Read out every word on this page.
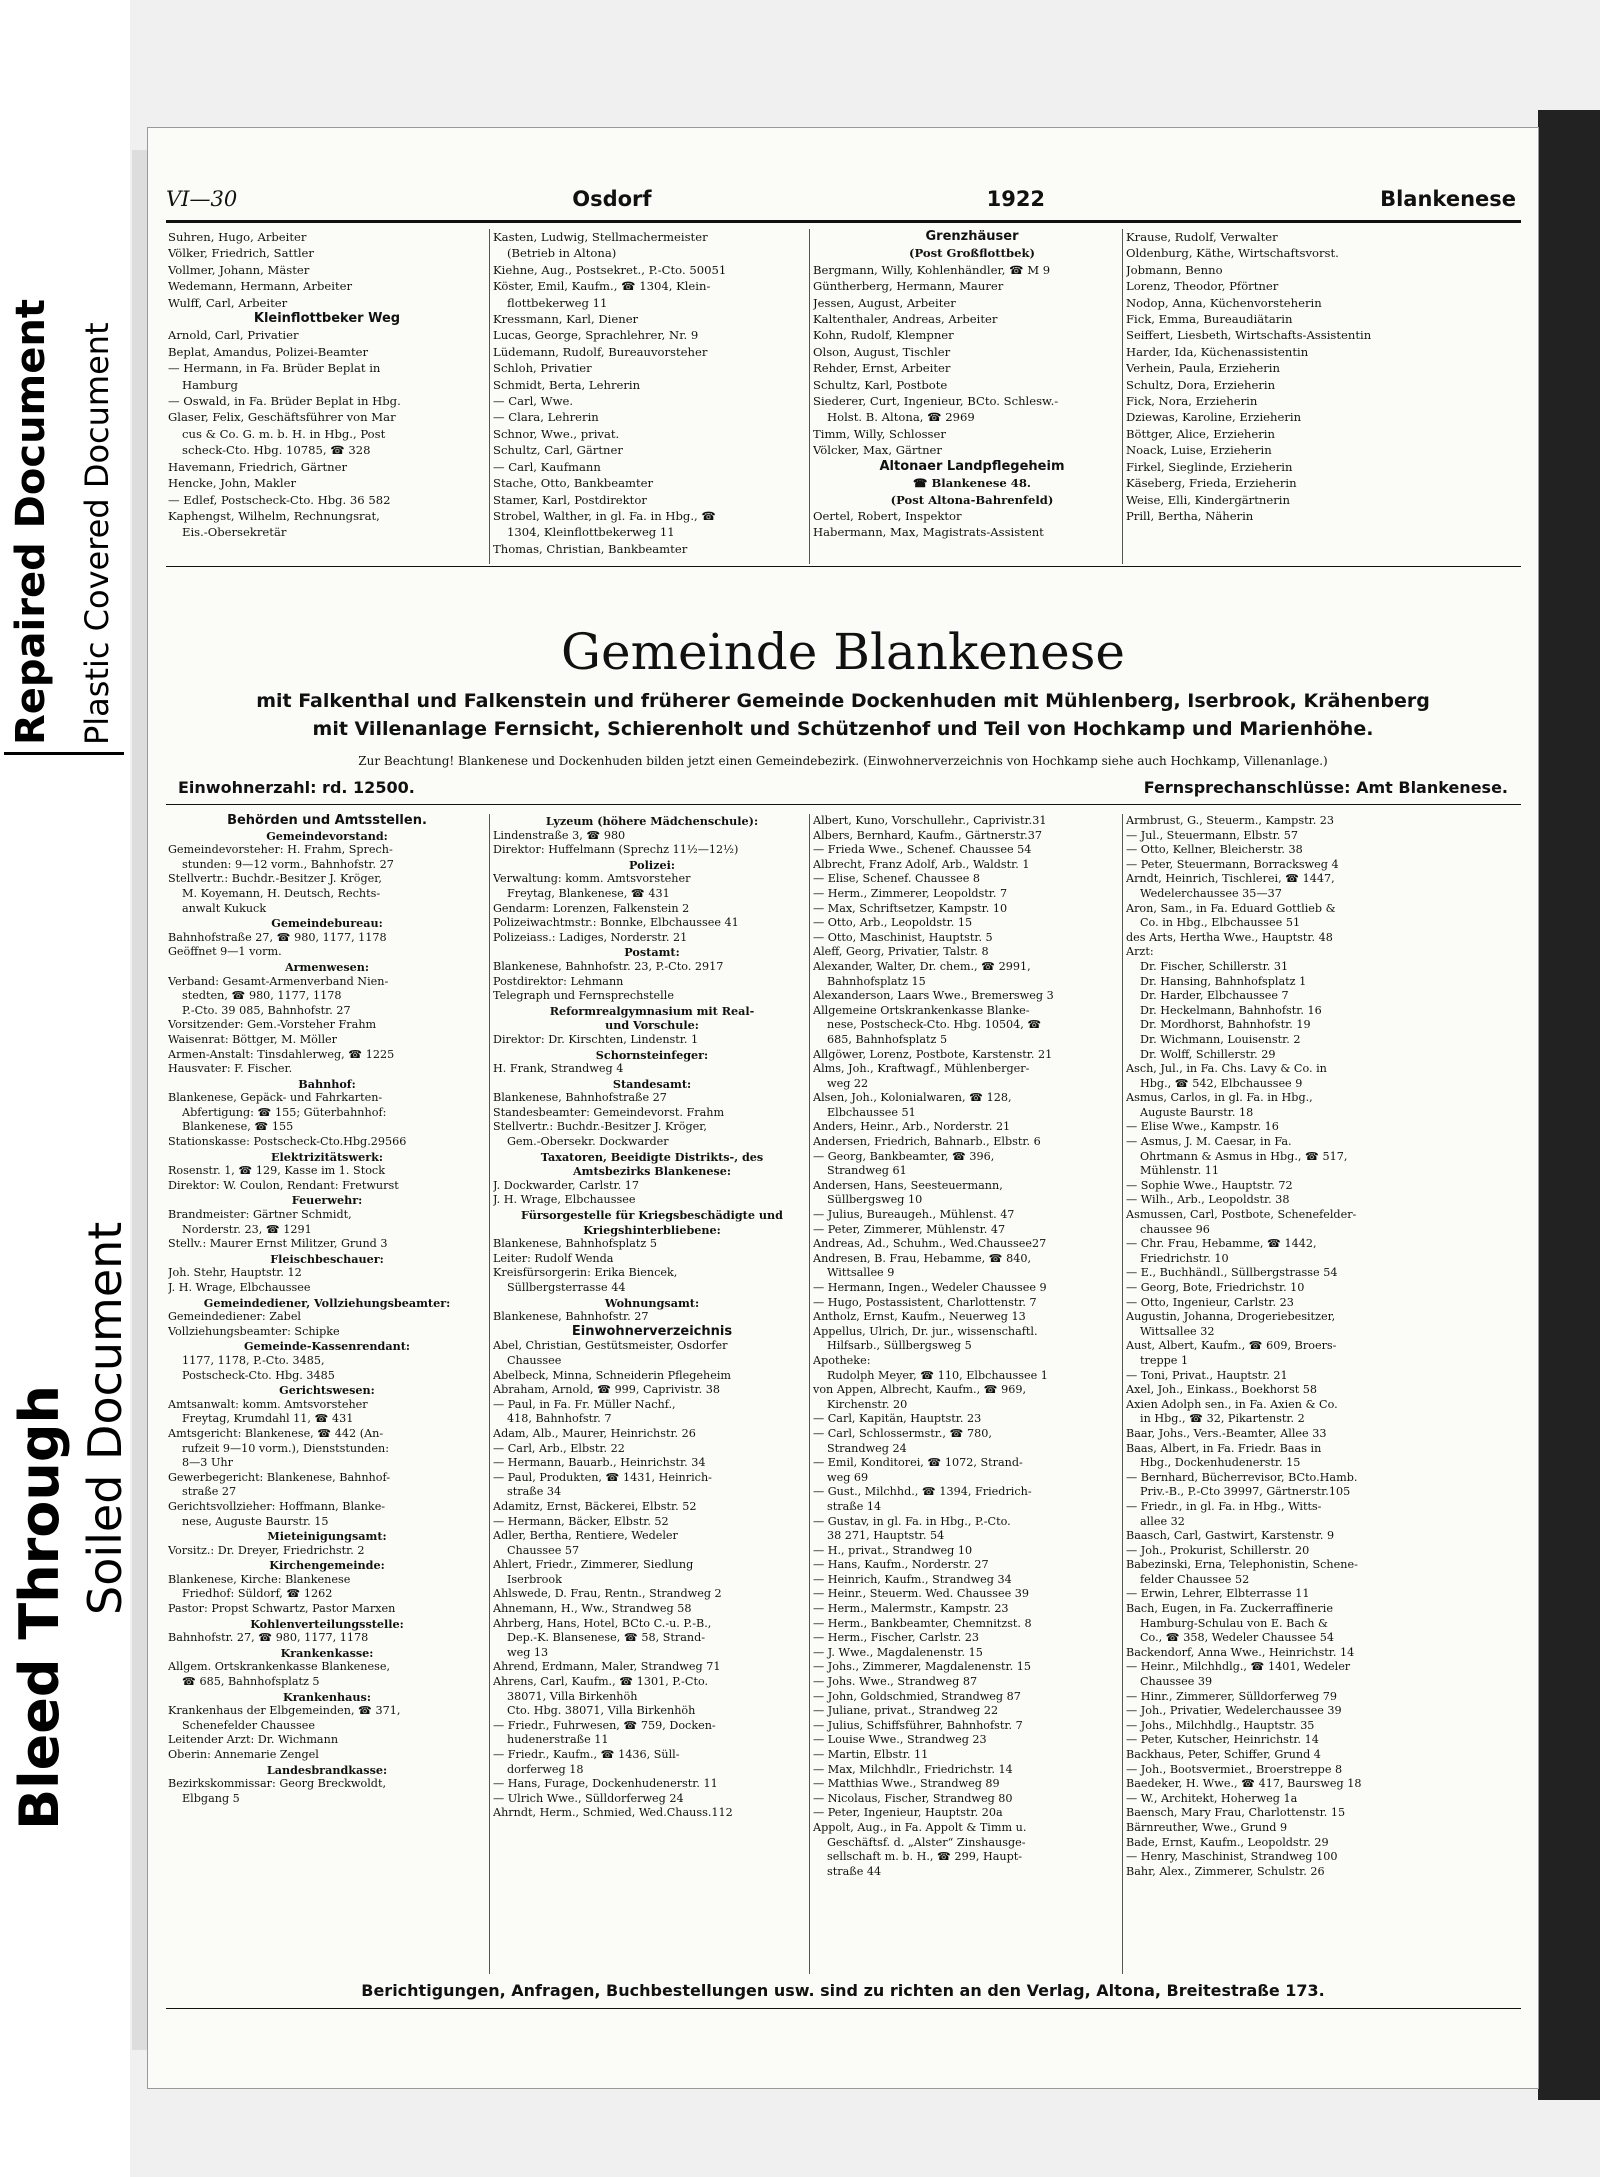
Repaired Document Plastic Covered Document
Bleed Through Soiled Document
VI—30	Osdorf	1922	Blankenese
Suhren, Hugo, Arbeiter
Völker, Friedrich, Sattler
Vollmer, Johann, Mäster
Wedemann, Hermann, Arbeiter
Wulff, Carl, Arbeiter
Kleinflottbeker Weg
Arnold, Carl, Privatier
Beplat, Amandus, Polizei-Beamter
— Hermann, in Fa. Brüder Beplat in
Hamburg
— Oswald, in Fa. Brüder Beplat in Hbg.
Glaser, Felix, Geschäftsführer von Mar
cus & Co. G. m. b. H. in Hbg., Post
scheck-Cto. Hbg. 10785, ☎ 328
Havemann, Friedrich, Gärtner
Hencke, John, Makler
— Edlef, Postscheck-Cto. Hbg. 36 582
Kaphengst, Wilhelm, Rechnungsrat,
Eis.-Obersekretär
Kasten, Ludwig, Stellmachermeister
(Betrieb in Altona)
Kiehne, Aug., Postsekret., P.-Cto. 50051
Köster, Emil, Kaufm., ☎ 1304, Klein-
flottbekerweg 11
Kressmann, Karl, Diener
Lucas, George, Sprachlehrer, Nr. 9
Lüdemann, Rudolf, Bureauvorsteher
Schloh, Privatier
Schmidt, Berta, Lehrerin
— Carl, Wwe.
— Clara, Lehrerin
Schnor, Wwe., privat.
Schultz, Carl, Gärtner
— Carl, Kaufmann
Stache, Otto, Bankbeamter
Stamer, Karl, Postdirektor
Strobel, Walther, in gl. Fa. in Hbg., ☎
1304, Kleinflottbekerweg 11
Thomas, Christian, Bankbeamter
Grenzhäuser
(Post Großflottbek)
Bergmann, Willy, Kohlenhändler, ☎ M 9
Güntherberg, Hermann, Maurer
Jessen, August, Arbeiter
Kaltenthaler, Andreas, Arbeiter
Kohn, Rudolf, Klempner
Olson, August, Tischler
Rehder, Ernst, Arbeiter
Schultz, Karl, Postbote
Siederer, Curt, Ingenieur, BCto. Schlesw.-
Holst. B. Altona, ☎ 2969
Timm, Willy, Schlosser
Völcker, Max, Gärtner
Altonaer Landpflegeheim
☎ Blankenese 48.
(Post Altona-Bahrenfeld)
Oertel, Robert, Inspektor
Habermann, Max, Magistrats-Assistent
Krause, Rudolf, Verwalter
Oldenburg, Käthe, Wirtschaftsvorst.
Jobmann, Benno
Lorenz, Theodor, Pförtner
Nodop, Anna, Küchenvorsteherin
Fick, Emma, Bureaudiätarin
Seiffert, Liesbeth, Wirtschafts-Assistentin
Harder, Ida, Küchenassistentin
Verhein, Paula, Erzieherin
Schultz, Dora, Erzieherin
Fick, Nora, Erzieherin
Dziewas, Karoline, Erzieherin
Böttger, Alice, Erzieherin
Noack, Luise, Erzieherin
Firkel, Sieglinde, Erzieherin
Käseberg, Frieda, Erzieherin
Weise, Elli, Kindergärtnerin
Prill, Bertha, Näherin
Gemeinde Blankenese
mit Falkenthal und Falkenstein und früherer Gemeinde Dockenhuden mit Mühlenberg, Iserbrook, Krähenberg
mit Villenanlage Fernsicht, Schierenholt und Schützenhof und Teil von Hochkamp und Marienhöhe.
Zur Beachtung! Blankenese und Dockenhuden bilden jetzt einen Gemeindebezirk. (Einwohnerverzeichnis von Hochkamp siehe auch Hochkamp, Villenanlage.)
Einwohnerzahl: rd. 12500.	Fernsprechanschlüsse: Amt Blankenese.
Behörden und Amtsstellen.
Gemeindevorstand:
Gemeindevorsteher: H. Frahm, Sprech-
stunden: 9—12 vorm., Bahnhofstr. 27
Stellvertr.: Buchdr.-Besitzer J. Kröger,
M. Koyemann, H. Deutsch, Rechts-
anwalt Kukuck
Gemeindebureau:
Bahnhofstraße 27, ☎ 980, 1177, 1178
Geöffnet 9—1 vorm.
Armenwesen:
Verband: Gesamt-Armenverband Nien-
stedten, ☎ 980, 1177, 1178
P.-Cto. 39 085, Bahnhofstr. 27
Vorsitzender: Gem.-Vorsteher Frahm
Waisenrat: Böttger, M. Möller
Armen-Anstalt: Tinsdahlerweg, ☎ 1225
Hausvater: F. Fischer.
Bahnhof:
Blankenese, Gepäck- und Fahrkarten-
Abfertigung: ☎ 155; Güterbahnhof:
Blankenese, ☎ 155
Stationskasse: Postscheck-Cto.Hbg.29566
Elektrizitätswerk:
Rosenstr. 1, ☎ 129, Kasse im 1. Stock
Direktor: W. Coulon, Rendant: Fretwurst
Feuerwehr:
Brandmeister: Gärtner Schmidt,
Norderstr. 23, ☎ 1291
Stellv.: Maurer Ernst Militzer, Grund 3
Fleischbeschauer:
Joh. Stehr, Hauptstr. 12
J. H. Wrage, Elbchaussee
Gemeindediener, Vollziehungsbeamter:
Gemeindediener: Zabel
Vollziehungsbeamter: Schipke
Gemeinde-Kassenrendant:
1177, 1178, P.-Cto. 3485,
Postscheck-Cto. Hbg. 3485
Gerichtswesen:
Amtsanwalt: komm. Amtsvorsteher
Freytag, Krumdahl 11, ☎ 431
Amtsgericht: Blankenese, ☎ 442 (An-
rufzeit 9—10 vorm.), Dienststunden:
8—3 Uhr
Gewerbegericht: Blankenese, Bahnhof-
straße 27
Gerichtsvollzieher: Hoffmann, Blanke-
nese, Auguste Baurstr. 15
Mieteinigungsamt:
Vorsitz.: Dr. Dreyer, Friedrichstr. 2
Kirchengemeinde:
Blankenese, Kirche: Blankenese
Friedhof: Süldorf, ☎ 1262
Pastor: Propst Schwartz, Pastor Marxen
Kohlenverteilungsstelle:
Bahnhofstr. 27, ☎ 980, 1177, 1178
Krankenkasse:
Allgem. Ortskrankenkasse Blankenese,
☎ 685, Bahnhofsplatz 5
Krankenhaus:
Krankenhaus der Elbgemeinden, ☎ 371,
Schenefelder Chaussee
Leitender Arzt: Dr. Wichmann
Oberin: Annemarie Zengel
Landesbrandkasse:
Bezirkskommissar: Georg Breckwoldt,
Elbgang 5
Lyzeum (höhere Mädchenschule):
Lindenstraße 3, ☎ 980
Direktor: Huffelmann (Sprechz 11½—12½)
Polizei:
Verwaltung: komm. Amtsvorsteher
Freytag, Blankenese, ☎ 431
Gendarm: Lorenzen, Falkenstein 2
Polizeiwachtmstr.: Bonnke, Elbchaussee 41
Polizeiass.: Ladiges, Norderstr. 21
Postamt:
Blankenese, Bahnhofstr. 23, P.-Cto. 2917
Postdirektor: Lehmann
Telegraph und Fernsprechstelle
Reformrealgymnasium mit Real-
und Vorschule:
Direktor: Dr. Kirschten, Lindenstr. 1
Schornsteinfeger:
H. Frank, Strandweg 4
Standesamt:
Blankenese, Bahnhofstraße 27
Standesbeamter: Gemeindevorst. Frahm
Stellvertr.: Buchdr.-Besitzer J. Kröger,
Gem.-Obersekr. Dockwarder
Taxatoren, Beeidigte Distrikts-, des
Amtsbezirks Blankenese:
J. Dockwarder, Carlstr. 17
J. H. Wrage, Elbchaussee
Fürsorgestelle für Kriegsbeschädigte und
Kriegshinterbliebene:
Blankenese, Bahnhofsplatz 5
Leiter: Rudolf Wenda
Kreisfürsorgerin: Erika Biencek,
Süllbergsterrasse 44
Wohnungsamt:
Blankenese, Bahnhofstr. 27
Einwohnerverzeichnis
Abel, Christian, Gestütsmeister, Osdorfer
Chaussee
Abelbeck, Minna, Schneiderin Pflegeheim
Abraham, Arnold, ☎ 999, Caprivistr. 38
— Paul, in Fa. Fr. Müller Nachf.,
418, Bahnhofstr. 7
Adam, Alb., Maurer, Heinrichstr. 26
— Carl, Arb., Elbstr. 22
— Hermann, Bauarb., Heinrichstr. 34
— Paul, Produkten, ☎ 1431, Heinrich-
straße 34
Adamitz, Ernst, Bäckerei, Elbstr. 52
— Hermann, Bäcker, Elbstr. 52
Adler, Bertha, Rentiere, Wedeler
Chaussee 57
Ahlert, Friedr., Zimmerer, Siedlung
Iserbrook
Ahlswede, D. Frau, Rentn., Strandweg 2
Ahnemann, H., Ww., Strandweg 58
Ahrberg, Hans, Hotel, BCto C.-u. P.-B.,
Dep.-K. Blansenese, ☎ 58, Strand-
weg 13
Ahrend, Erdmann, Maler, Strandweg 71
Ahrens, Carl, Kaufm., ☎ 1301, P.-Cto.
38071, Villa Birkenhöh
Cto. Hbg. 38071, Villa Birkenhöh
— Friedr., Fuhrwesen, ☎ 759, Docken-
hudenerstraße 11
— Friedr., Kaufm., ☎ 1436, Süll-
dorferweg 18
— Hans, Furage, Dockenhudenerstr. 11
— Ulrich Wwe., Sülldorferweg 24
Ahrndt, Herm., Schmied, Wed.Chauss.112
Albert, Kuno, Vorschullehr., Caprivistr.31
Albers, Bernhard, Kaufm., Gärtnerstr.37
— Frieda Wwe., Schenef. Chaussee 54
Albrecht, Franz Adolf, Arb., Waldstr. 1
— Elise, Schenef. Chaussee 8
— Herm., Zimmerer, Leopoldstr. 7
— Max, Schriftsetzer, Kampstr. 10
— Otto, Arb., Leopoldstr. 15
— Otto, Maschinist, Hauptstr. 5
Aleff, Georg, Privatier, Talstr. 8
Alexander, Walter, Dr. chem., ☎ 2991,
Bahnhofsplatz 15
Alexanderson, Laars Wwe., Bremersweg 3
Allgemeine Ortskrankenkasse Blanke-
nese, Postscheck-Cto. Hbg. 10504, ☎
685, Bahnhofsplatz 5
Allgöwer, Lorenz, Postbote, Karstenstr. 21
Alms, Joh., Kraftwagf., Mühlenberger-
weg 22
Alsen, Joh., Kolonialwaren, ☎ 128,
Elbchaussee 51
Anders, Heinr., Arb., Norderstr. 21
Andersen, Friedrich, Bahnarb., Elbstr. 6
— Georg, Bankbeamter, ☎ 396,
Strandweg 61
Andersen, Hans, Seesteuermann,
Süllbergsweg 10
— Julius, Bureaugeh., Mühlenst. 47
— Peter, Zimmerer, Mühlenstr. 47
Andreas, Ad., Schuhm., Wed.Chaussee27
Andresen, B. Frau, Hebamme, ☎ 840,
Wittsallee 9
— Hermann, Ingen., Wedeler Chaussee 9
— Hugo, Postassistent, Charlottenstr. 7
Antholz, Ernst, Kaufm., Neuerweg 13
Appellus, Ulrich, Dr. jur., wissenschaftl.
Hilfsarb., Süllbergsweg 5
Apotheke:
Rudolph Meyer, ☎ 110, Elbchaussee 1
von Appen, Albrecht, Kaufm., ☎ 969,
Kirchenstr. 20
— Carl, Kapitän, Hauptstr. 23
— Carl, Schlossermstr., ☎ 780,
Strandweg 24
— Emil, Konditorei, ☎ 1072, Strand-
weg 69
— Gust., Milchhd., ☎ 1394, Friedrich-
straße 14
— Gustav, in gl. Fa. in Hbg., P.-Cto.
38 271, Hauptstr. 54
— H., privat., Strandweg 10
— Hans, Kaufm., Norderstr. 27
— Heinrich, Kaufm., Strandweg 34
— Heinr., Steuerm. Wed. Chaussee 39
— Herm., Malermstr., Kampstr. 23
— Herm., Bankbeamter, Chemnitzst. 8
— Herm., Fischer, Carlstr. 23
— J. Wwe., Magdalenenstr. 15
— Johs., Zimmerer, Magdalenenstr. 15
— Johs. Wwe., Strandweg 87
— John, Goldschmied, Strandweg 87
— Juliane, privat., Strandweg 22
— Julius, Schiffsführer, Bahnhofstr. 7
— Louise Wwe., Strandweg 23
— Martin, Elbstr. 11
— Max, Milchhdlr., Friedrichstr. 14
— Matthias Wwe., Strandweg 89
— Nicolaus, Fischer, Strandweg 80
— Peter, Ingenieur, Hauptstr. 20a
Appolt, Aug., in Fa. Appolt & Timm u.
Geschäftsf. d. „Alster“ Zinshausge-
sellschaft m. b. H., ☎ 299, Haupt-
straße 44
Armbrust, G., Steuerm., Kampstr. 23
— Jul., Steuermann, Elbstr. 57
— Otto, Kellner, Bleicherstr. 38
— Peter, Steuermann, Borracksweg 4
Arndt, Heinrich, Tischlerei, ☎ 1447,
Wedelerchaussee 35—37
Aron, Sam., in Fa. Eduard Gottlieb &
Co. in Hbg., Elbchaussee 51
des Arts, Hertha Wwe., Hauptstr. 48
Arzt:
Dr. Fischer, Schillerstr. 31
Dr. Hansing, Bahnhofsplatz 1
Dr. Harder, Elbchaussee 7
Dr. Heckelmann, Bahnhofstr. 16
Dr. Mordhorst, Bahnhofstr. 19
Dr. Wichmann, Louisenstr. 2
Dr. Wolff, Schillerstr. 29
Asch, Jul., in Fa. Chs. Lavy & Co. in
Hbg., ☎ 542, Elbchaussee 9
Asmus, Carlos, in gl. Fa. in Hbg.,
Auguste Baurstr. 18
— Elise Wwe., Kampstr. 16
— Asmus, J. M. Caesar, in Fa.
Ohrtmann & Asmus in Hbg., ☎ 517,
Mühlenstr. 11
— Sophie Wwe., Hauptstr. 72
— Wilh., Arb., Leopoldstr. 38
Asmussen, Carl, Postbote, Schenefelder-
chaussee 96
— Chr. Frau, Hebamme, ☎ 1442,
Friedrichstr. 10
— E., Buchhändl., Süllbergstrasse 54
— Georg, Bote, Friedrichstr. 10
— Otto, Ingenieur, Carlstr. 23
Augustin, Johanna, Drogeriebesitzer,
Wittsallee 32
Aust, Albert, Kaufm., ☎ 609, Broers-
treppe 1
— Toni, Privat., Hauptstr. 21
Axel, Joh., Einkass., Boekhorst 58
Axien Adolph sen., in Fa. Axien & Co.
in Hbg., ☎ 32, Pikartenstr. 2
Baar, Johs., Vers.-Beamter, Allee 33
Baas, Albert, in Fa. Friedr. Baas in
Hbg., Dockenhudenerstr. 15
— Bernhard, Bücherrevisor, BCto.Hamb.
Priv.-B., P.-Cto 39997, Gärtnerstr.105
— Friedr., in gl. Fa. in Hbg., Witts-
allee 32
Baasch, Carl, Gastwirt, Karstenstr. 9
— Joh., Prokurist, Schillerstr. 20
Babezinski, Erna, Telephonistin, Schene-
felder Chaussee 52
— Erwin, Lehrer, Elbterrasse 11
Bach, Eugen, in Fa. Zuckerraffinerie
Hamburg-Schulau von E. Bach &
Co., ☎ 358, Wedeler Chaussee 54
Backendorf, Anna Wwe., Heinrichstr. 14
— Heinr., Milchhdlg., ☎ 1401, Wedeler
Chaussee 39
— Hinr., Zimmerer, Sülldorferweg 79
— Joh., Privatier, Wedelerchaussee 39
— Johs., Milchhdlg., Hauptstr. 35
— Peter, Kutscher, Heinrichstr. 14
Backhaus, Peter, Schiffer, Grund 4
— Joh., Bootsvermiet., Broerstreppe 8
Baedeker, H. Wwe., ☎ 417, Baursweg 18
— W., Architekt, Hoherweg 1a
Baensch, Mary Frau, Charlottenstr. 15
Bärnreuther, Wwe., Grund 9
Bade, Ernst, Kaufm., Leopoldstr. 29
— Henry, Maschinist, Strandweg 100
Bahr, Alex., Zimmerer, Schulstr. 26
Berichtigungen, Anfragen, Buchbestellungen usw. sind zu richten an den Verlag, Altona, Breitestraße 173.
